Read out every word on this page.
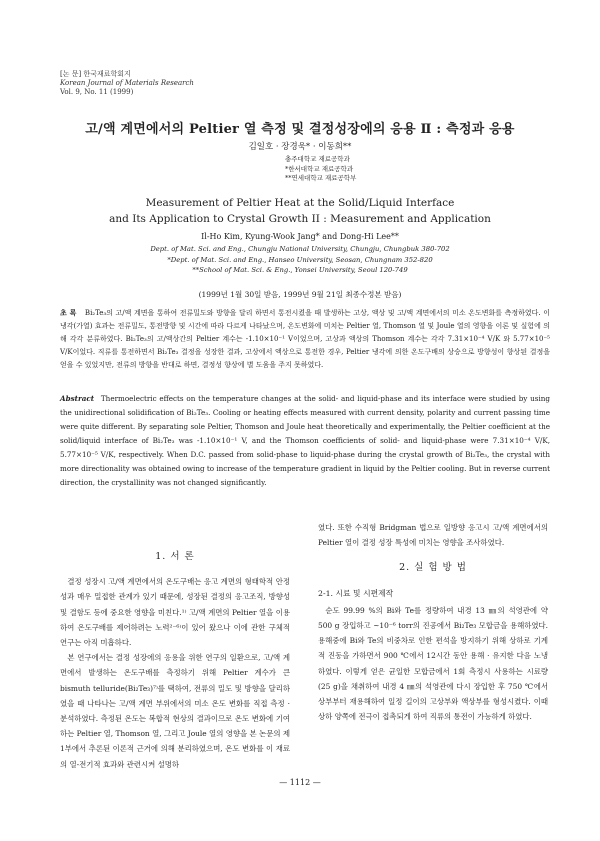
[논 문] 한국재료학회지
Korean Journal of Materials Research
Vol. 9, No. 11 (1999)
고/액 계면에서의 Peltier 열 측정 및 결정성장에의 응용 Ⅱ : 측정과 응용
김일호 · 장경욱* · 이동희**
충주대학교 재료공학과
*한서대학교 재료공학과
**연세대학교 재료공학부
Measurement of Peltier Heat at the Solid/Liquid Interface
and Its Application to Crystal Growth II : Measurement and Application
Il-Ho Kim, Kyung-Wook Jang* and Dong-Hi Lee**
Dept. of Mat. Sci. and Eng., Chungju National University, Chungju, Chungbuk 380-702
*Dept. of Mat. Sci. and Eng., Hanseo University, Seosan, Chungnam 352-820
**School of Mat. Sci. & Eng., Yonsei University, Seoul 120-749
(1999년 1월 30일 받음, 1999년 9월 21일 최종수정본 받음)
초 록 Bi₂Te₃의 고/액 계면을 통하여 전류밀도와 방향을 달리 하면서 통전시켰을 때 발생하는 고상, 액상 및 고/액 계면에서의 미소 온도변화를 측정하였다. 이 냉각(가열) 효과는 전류밀도, 통전방향 및 시간에 따라 다르게 나타났으며, 온도변화에 미치는 Peltier 열, Thomson 열 및 Joule 열의 영향을 이론 및 실험에 의해 각각 분류하였다. Bi₂Te₃의 고/액상간의 Peltier 계수는 -1.10×10⁻¹ V이었으며, 고상과 액상의 Thomson 계수는 각각 7.31×10⁻⁴ V/K 와 5.77×10⁻⁵ V/K이었다. 직류를 통전하면서 Bi₂Te₃ 결정을 성장한 결과, 고상에서 액상으로 통전한 경우, Peltier 냉각에 의한 온도구배의 상승으로 방향성이 향상된 결정을 얻을 수 있었지만, 전류의 방향을 반대로 하면, 결정성 향상에 별 도움을 주지 못하였다.
Abstract Thermoelectric effects on the temperature changes at the solid- and liquid-phase and its interface were studied by using the unidirectional solidification of Bi₂Te₃. Cooling or heating effects measured with current density, polarity and current passing time were quite different. By separating sole Peltier, Thomson and Joule heat theoretically and experimentally, the Peltier coefficient at the solid/liquid interface of Bi₂Te₃ was -1.10×10⁻¹ V, and the Thomson coefficients of solid- and liquid-phase were 7.31×10⁻⁴ V/K, 5.77×10⁻⁵ V/K, respectively. When D.C. passed from solid-phase to liquid-phase during the crystal growth of Bi₂Te₃, the crystal with more directionality was obtained owing to increase of the temperature gradient in liquid by the Peltier cooling. But in reverse current direction, the crystallinity was not changed significantly.
1. 서 론

결정 성장시 고/액 계면에서의 온도구배는 응고 계면의 형태학적 안정성과 매우 밀접한 관계가 있기 때문에, 성장된 결정의 응고조직, 방향성 및 결함도 등에 중요한 영향을 미친다.¹⁾ 고/액 계면의 Peltier 열을 이용하여 온도구배를 제어하려는 노력²⁻⁶⁾이 있어 왔으나 이에 관한 구체적 연구는 아직 미흡하다.

본 연구에서는 결정 성장에의 응용을 위한 연구의 일환으로, 고/액 계면에서 발생하는 온도구배를 측정하기 위해 Peltier 계수가 큰 bismuth telluride(Bi₂Te₃)⁷⁾를 택하여, 전류의 밀도 및 방향을 달리하였을 때 나타나는 고/액 계면 부위에서의 미소 온도 변화를 직접 측정 · 분석하였다. 측정된 온도는 복합적 현상의 결과이므로 온도 변화에 기여하는 Peltier 열, Thomson 열, 그리고 Joule 열의 영향을 본 논문의 제1부에서 추론된 이론적 근거에 의해 분리하였으며, 온도 변화를 이 재료의 열-전기적 효과와 관련시켜 설명하

였다. 또한 수직형 Bridgman 법으로 일방향 응고시 고/액 계면에서의 Peltier 열이 결정 성장 특성에 미치는 영향을 조사하였다.

2. 실 험 방 법
2-1. 시료 및 시편제작

순도 99.99 %의 Bi와 Te를 정량하여 내경 13 ㎜의 석영관에 약 500 g 장입하고 ~10⁻⁶ torr의 진공에서 Bi₂Te₃ 모합금을 용해하였다. 용해중에 Bi와 Te의 비중차로 인한 편석을 방지하기 위해 상하로 기계적 진동을 가하면서 900 ℃에서 12시간 동안 용해 · 유지한 다음 노냉하였다. 이렇게 얻은 균일한 모합금에서 1회 측정시 사용하는 시료량 (25 g)을 채취하여 내경 4 ㎜의 석영관에 다시 장입한 후 750 ℃에서 상부부터 재용해하여 일정 길이의 고상부와 액상부를 형성시켰다. 이때 상하 양쪽에 전극이 접촉되게 하여 직류의 통전이 가능하게 하였다.

— 1112 —
